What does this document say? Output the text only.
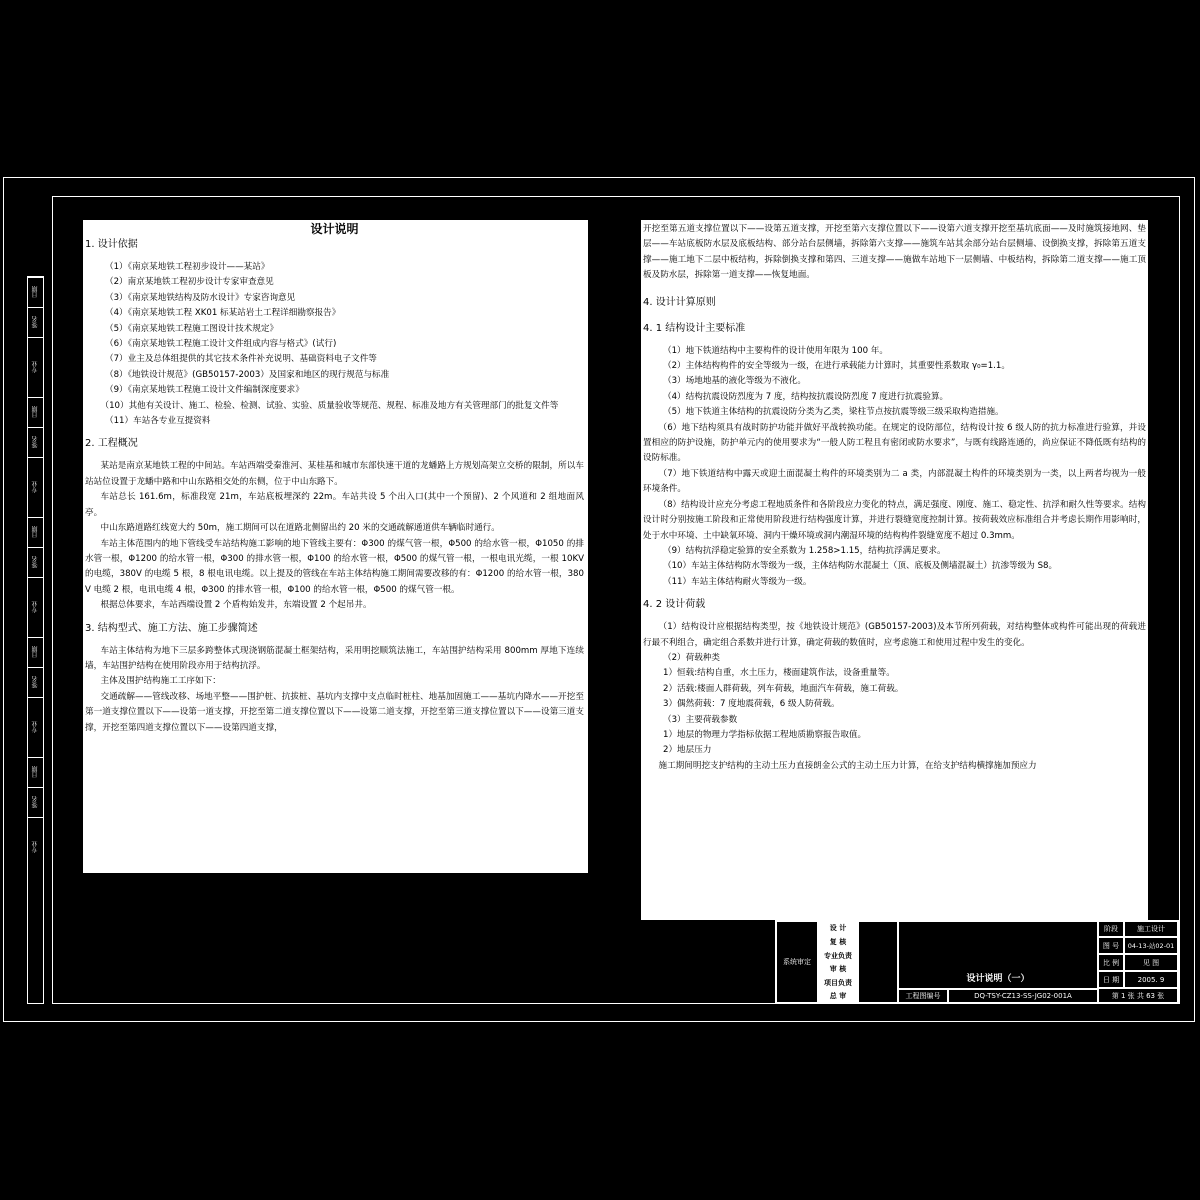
日期
签名
专业
日期
签名
专业
日期
签名
专业
日期
签名
专业
日期
签名
专业

设计说明

1. 设计依据

（1）《南京某地铁工程初步设计——某站》

（2）南京某地铁工程初步设计专家审查意见

（3）《南京某地铁结构及防水设计》专家咨询意见

（4）《南京某地铁工程 XK01 标某站岩土工程详细勘察报告》

（5）《南京某地铁工程施工图设计技术规定》

（6）《南京某地铁工程施工设计文件组成内容与格式》(试行)

（7）业主及总体组提供的其它技术条件补充说明、基础资料电子文件等

（8）《地铁设计规范》(GB50157-2003）及国家和地区的现行规范与标准

（9）《南京某地铁工程施工设计文件编制深度要求》

（10）其他有关设计、施工、检验、检测、试验、实验、质量验收等规范、规程、标准及地方有关管理部门的批复文件等

（11）车站各专业互提资料

2. 工程概况

某站是南京某地铁工程的中间站。车站西端受秦淮河、某桂基和城市东部快速干道的龙蟠路上方规划高架立交桥的限制，所以车站站位设置于龙蟠中路和中山东路相交处的东侧，位于中山东路下。

车站总长 161.6m，标准段宽 21m，车站底板埋深约 22m。车站共设 5 个出入口(其中一个预留)、2 个风道和 2 组地面风亭。

中山东路道路红线宽大约 50m，施工期间可以在道路北侧留出约 20 米的交通疏解通道供车辆临时通行。

车站主体范围内的地下管线受车站结构施工影响的地下管线主要有：Φ300 的煤气管一根，Φ500 的给水管一根，Φ1050 的排水管一根，Φ1200 的给水管一根，Φ300 的排水管一根，Φ100 的给水管一根，Φ500 的煤气管一根，一根电讯光缆，一根 10KV 的电缆，380V 的电缆 5 根，8 根电讯电缆。以上提及的管线在车站主体结构施工期间需要改移的有：Φ1200 的给水管一根，380V 电缆 2 根，电讯电缆 4 根，Φ300 的排水管一根，Φ100 的给水管一根，Φ500 的煤气管一根。

根据总体要求，车站西端设置 2 个盾构始发井，东端设置 2 个起吊井。

3. 结构型式、施工方法、施工步骤简述

车站主体结构为地下三层多跨整体式现浇钢筋混凝土框架结构，采用明挖顺筑法施工，车站围护结构采用 800mm 厚地下连续墙，车站围护结构在使用阶段亦用于结构抗浮。

主体及围护结构施工工序如下：

交通疏解——管线改移、场地平整——围护桩、抗拔桩、基坑内支撑中支点临时桩柱、地基加固施工——基坑内降水——开挖至第一道支撑位置以下——设第一道支撑，开挖至第二道支撑位置以下——设第二道支撑，开挖至第三道支撑位置以下——设第三道支撑，开挖至第四道支撑位置以下——设第四道支撑，

开挖至第五道支撑位置以下——设第五道支撑，开挖至第六支撑位置以下——设第六道支撑开挖至基坑底面——及时施筑接地网、垫层——车站底板防水层及底板结构、部分站台层侧墙，拆除第六支撑——施筑车站其余部分站台层侧墙、设倒换支撑，拆除第五道支撑——施工地下二层中板结构，拆除倒换支撑和第四、三道支撑——施做车站地下一层侧墙、中板结构，拆除第二道支撑——施工顶板及防水层，拆除第一道支撑——恢复地面。

4. 设计计算原则

4. 1 结构设计主要标准

（1）地下铁道结构中主要构件的设计使用年限为 100 年。

（2）主体结构构件的安全等级为一级，在进行承载能力计算时，其重要性系数取 γ₀=1.1。

（3）场地地基的液化等级为不液化。

（4）结构抗震设防烈度为 7 度，结构按抗震设防烈度 7 度进行抗震验算。

（5）地下铁道主体结构的抗震设防分类为乙类，梁柱节点按抗震等级三级采取构造措施。

（6）地下结构须具有战时防护功能并做好平战转换功能。在规定的设防部位，结构设计按 6 级人防的抗力标准进行验算，并设置相应的防护设施，防护单元内的使用要求为“一般人防工程且有密闭或防水要求”，与既有线路连通的，尚应保证不降低既有结构的设防标准。

（7）地下铁道结构中露天或迎土面混凝土构件的环境类别为二 a 类，内部混凝土构件的环境类别为一类，以上两者均视为一般环境条件。

（8）结构设计应充分考虑工程地质条件和各阶段应力变化的特点，满足强度、刚度、施工、稳定性、抗浮和耐久性等要求。结构设计时分别按施工阶段和正常使用阶段进行结构强度计算，并进行裂缝宽度控制计算。按荷载效应标准组合并考虑长期作用影响时，处于水中环境、土中缺氧环境、洞内干燥环境或洞内潮湿环境的结构构件裂缝宽度不超过 0.3mm。

（9）结构抗浮稳定验算的安全系数为 1.258>1.15，结构抗浮满足要求。

（10）车站主体结构防水等级为一级，主体结构防水混凝土（顶、底板及侧墙混凝土）抗渗等级为 S8。

（11）车站主体结构耐火等级为一级。

4. 2 设计荷载

（1）结构设计应根据结构类型，按《地铁设计规范》(GB50157-2003)及本节所列荷载，对结构整体或构件可能出现的荷载进行最不利组合，确定组合系数并进行计算，确定荷载的数值时，应考虑施工和使用过程中发生的变化。

（2）荷载种类

1）恒载:结构自重，水土压力，楼面建筑作法，设备重量等。

2）活载:楼面人群荷载，列车荷载，地面汽车荷载，施工荷载。

3）偶然荷载：7 度地震荷载，6 级人防荷载。

（3）主要荷载参数

1）地层的物理力学指标依据工程地质勘察报告取值。

2）地层压力

施工期间明挖支护结构的主动土压力直接朗金公式的主动土压力计算，在给支护结构横撑施加预应力

系统审定
设 计
复 核
专业负责
审 核
项目负责
总 审
设计说明（一）
工程图编号	DQ-TSY-CZ13-SS-JG02-001A
阶段	施工设计
图 号	04-13-站02-01
比 例	见 图
日 期	2005. 9
第 1 张 共 63 张
